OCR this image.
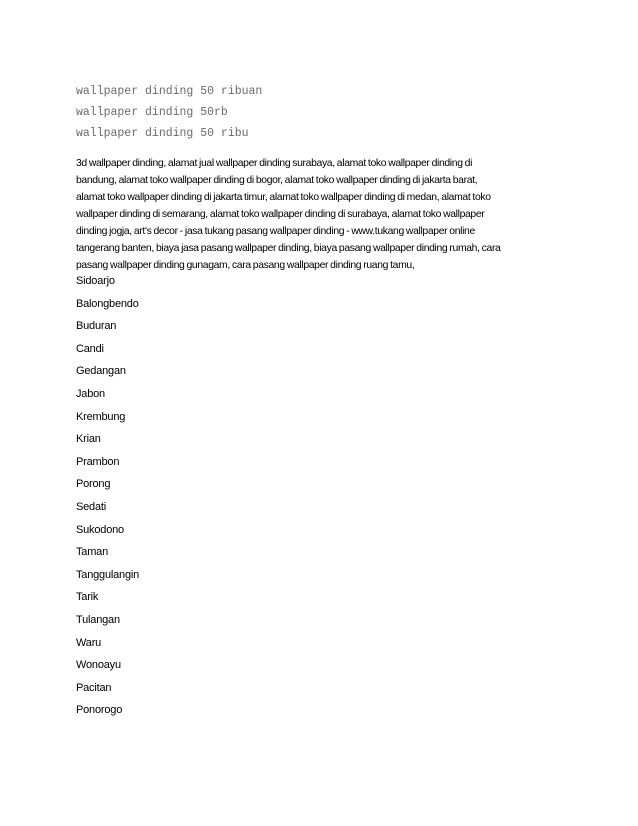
wallpaper dinding 50 ribuan
wallpaper dinding 50rb
wallpaper dinding 50 ribu
3d wallpaper dinding, alamat jual wallpaper dinding surabaya, alamat toko wallpaper dinding di
bandung, alamat toko wallpaper dinding di bogor, alamat toko wallpaper dinding di jakarta barat,
alamat toko wallpaper dinding di jakarta timur, alamat toko wallpaper dinding di medan, alamat toko
wallpaper dinding di semarang, alamat toko wallpaper dinding di surabaya, alamat toko wallpaper
dinding jogja, art's decor - jasa tukang pasang wallpaper dinding - www.tukang wallpaper online
tangerang banten, biaya jasa pasang wallpaper dinding, biaya pasang wallpaper dinding rumah, cara
pasang wallpaper dinding gunagam, cara pasang wallpaper dinding ruang tamu,
Sidoarjo
Balongbendo
Buduran
Candi
Gedangan
Jabon
Krembung
Krian
Prambon
Porong
Sedati
Sukodono
Taman
Tanggulangin
Tarik
Tulangan
Waru
Wonoayu
Pacitan
Ponorogo
